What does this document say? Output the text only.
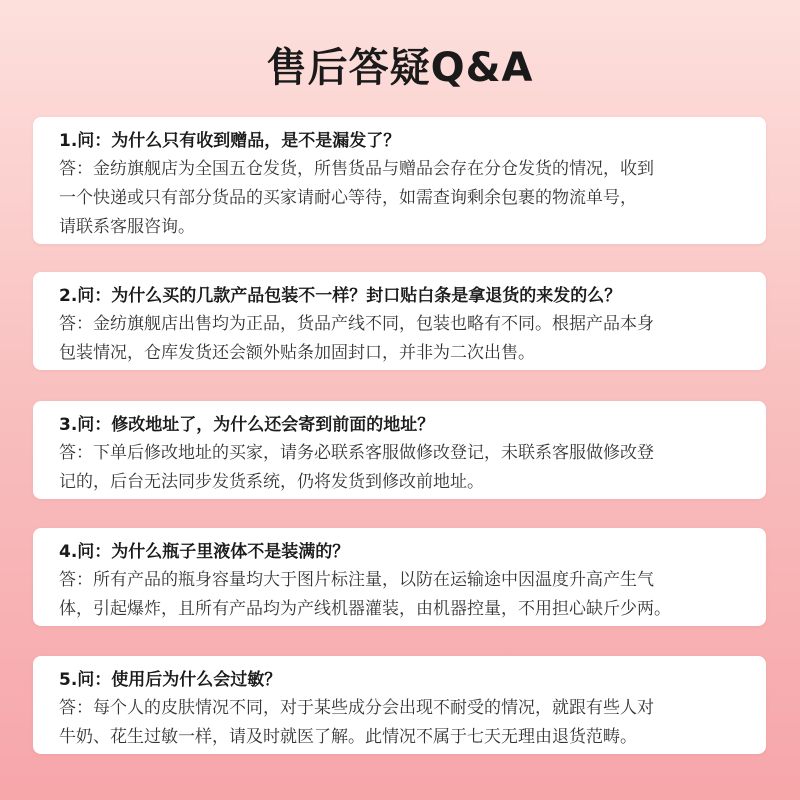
售后答疑Q&A
1.问：为什么只有收到赠品，是不是漏发了？
答：金纺旗舰店为全国五仓发货，所售货品与赠品会存在分仓发货的情况，收到
一个快递或只有部分货品的买家请耐心等待，如需查询剩余包裹的物流单号，
请联系客服咨询。
2.问：为什么买的几款产品包装不一样？封口贴白条是拿退货的来发的么？
答：金纺旗舰店出售均为正品，货品产线不同，包装也略有不同。根据产品本身
包装情况，仓库发货还会额外贴条加固封口，并非为二次出售。
3.问：修改地址了，为什么还会寄到前面的地址？
答：下单后修改地址的买家，请务必联系客服做修改登记，未联系客服做修改登
记的，后台无法同步发货系统，仍将发货到修改前地址。
4.问：为什么瓶子里液体不是装满的？
答：所有产品的瓶身容量均大于图片标注量，以防在运输途中因温度升高产生气
体，引起爆炸，且所有产品均为产线机器灌装，由机器控量，不用担心缺斤少两。
5.问：使用后为什么会过敏？
答：每个人的皮肤情况不同，对于某些成分会出现不耐受的情况，就跟有些人对
牛奶、花生过敏一样，请及时就医了解。此情况不属于七天无理由退货范畴。
